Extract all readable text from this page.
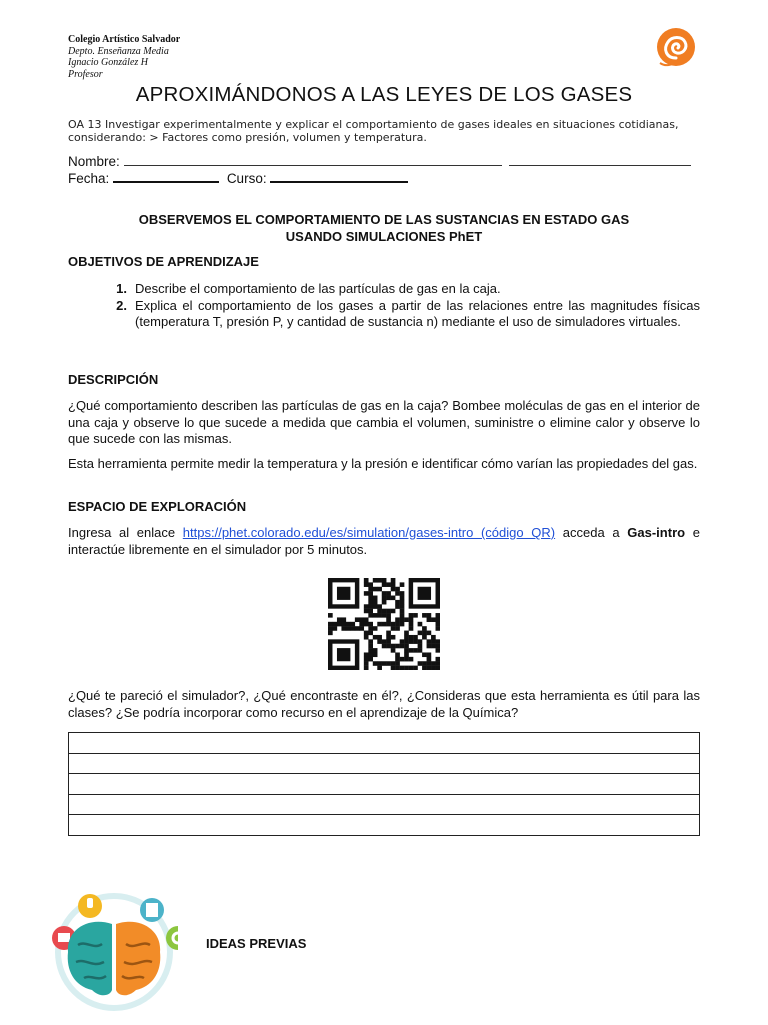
Colegio Artístico Salvador
Depto. Enseñanza Media
Ignacio González H
Profesor
APROXIMÁNDONOS A LAS LEYES DE LOS GASES
OA 13 Investigar experimentalmente y explicar el comportamiento de gases ideales en situaciones cotidianas,
considerando: > Factores como presión, volumen y temperatura.
Nombre:
Fecha:	Curso:
OBSERVEMOS EL COMPORTAMIENTO DE LAS SUSTANCIAS EN ESTADO GAS
USANDO SIMULACIONES PhET
OBJETIVOS DE APRENDIZAJE
1. Describe el comportamiento de las partículas de gas en la caja.
2. Explica el comportamiento de los gases a partir de las relaciones entre las magnitudes físicas (temperatura T, presión P, y cantidad de sustancia n) mediante el uso de simuladores virtuales.
DESCRIPCIÓN
¿Qué comportamiento describen las partículas de gas en la caja? Bombee moléculas de gas en el interior de una caja y observe lo que sucede a medida que cambia el volumen, suministre o elimine calor y observe lo que sucede con las mismas.
Esta herramienta permite medir la temperatura y la presión e identificar cómo varían las propiedades del gas.
ESPACIO DE EXPLORACIÓN
Ingresa al enlace https://phet.colorado.edu/es/simulation/gases-intro (código QR) acceda a Gas-intro e interactúe libremente en el simulador por 5 minutos.
¿Qué te pareció el simulador?, ¿Qué encontraste en él?, ¿Consideras que esta herramienta es útil para las clases? ¿Se podría incorporar como recurso en el aprendizaje de la Química?
IDEAS PREVIAS
